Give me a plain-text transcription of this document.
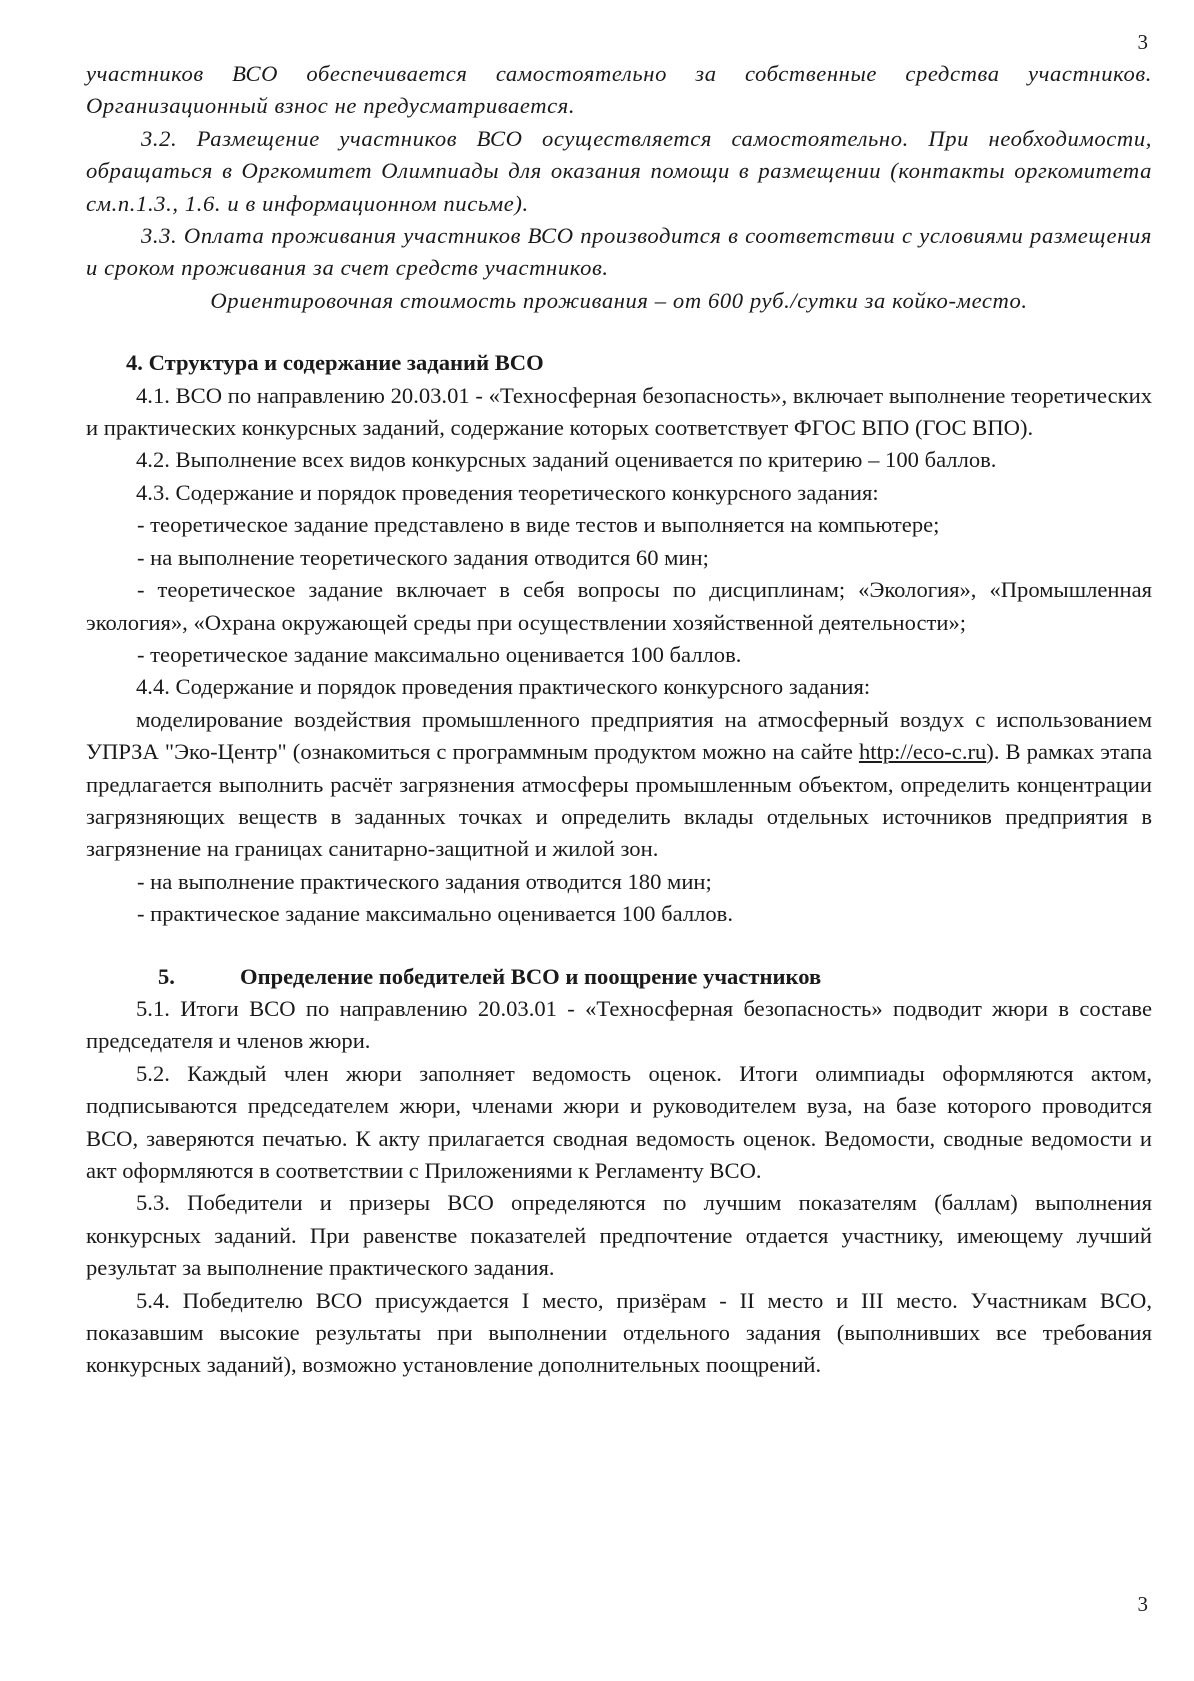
3

участников ВСО обеспечивается самостоятельно за собственные средства участников. Организационный взнос не предусматривается.

3.2. Размещение участников ВСО осуществляется самостоятельно. При необходимости, обращаться в Оргкомитет Олимпиады для оказания помощи в размещении (контакты оргкомитета см.п.1.3., 1.6. и в информационном письме).

3.3. Оплата проживания участников ВСО производится в соответствии с условиями размещения и сроком проживания за счет средств участников.

Ориентировочная стоимость проживания – от 600 руб./сутки за койко-место.

4. Структура и содержание заданий ВСО

4.1. ВСО по направлению 20.03.01 - «Техносферная безопасность», включает выполнение теоретических и практических конкурсных заданий, содержание которых соответствует ФГОС ВПО (ГОС ВПО).

4.2. Выполнение всех видов конкурсных заданий оценивается по критерию – 100 баллов.

4.3. Содержание и порядок проведения теоретического конкурсного задания:

- теоретическое задание представлено в виде тестов и выполняется на компьютере;

- на выполнение теоретического задания отводится 60 мин;

- теоретическое задание включает в себя вопросы по дисциплинам; «Экология», «Промышленная экология», «Охрана окружающей среды при осуществлении хозяйственной деятельности»;

- теоретическое задание максимально оценивается 100 баллов.

4.4. Содержание и порядок проведения практического конкурсного задания:

моделирование воздействия промышленного предприятия на атмосферный воздух с использованием УПРЗА "Эко-Центр" (ознакомиться с программным продуктом можно на сайте http://eco-c.ru). В рамках этапа предлагается выполнить расчёт загрязнения атмосферы промышленным объектом, определить концентрации загрязняющих веществ в заданных точках и определить вклады отдельных источников предприятия в загрязнение на границах санитарно-защитной и жилой зон.

- на выполнение практического задания отводится 180 мин;

- практическое задание максимально оценивается 100 баллов.

5.	Определение победителей ВСО и поощрение участников

5.1. Итоги ВСО по направлению 20.03.01 - «Техносферная безопасность» подводит жюри в составе председателя и членов жюри.

5.2. Каждый член жюри заполняет ведомость оценок. Итоги олимпиады оформляются актом, подписываются председателем жюри, членами жюри и руководителем вуза, на базе которого проводится ВСО, заверяются печатью. К акту прилагается сводная ведомость оценок. Ведомости, сводные ведомости и акт оформляются в соответствии с Приложениями к Регламенту ВСО.

5.3. Победители и призеры ВСО определяются по лучшим показателям (баллам) выполнения конкурсных заданий. При равенстве показателей предпочтение отдается участнику, имеющему лучший результат за выполнение практического задания.

5.4. Победителю ВСО присуждается I место, призёрам - II место и III место. Участникам ВСО, показавшим высокие результаты при выполнении отдельного задания (выполнивших все требования конкурсных заданий), возможно установление дополнительных поощрений.

3
